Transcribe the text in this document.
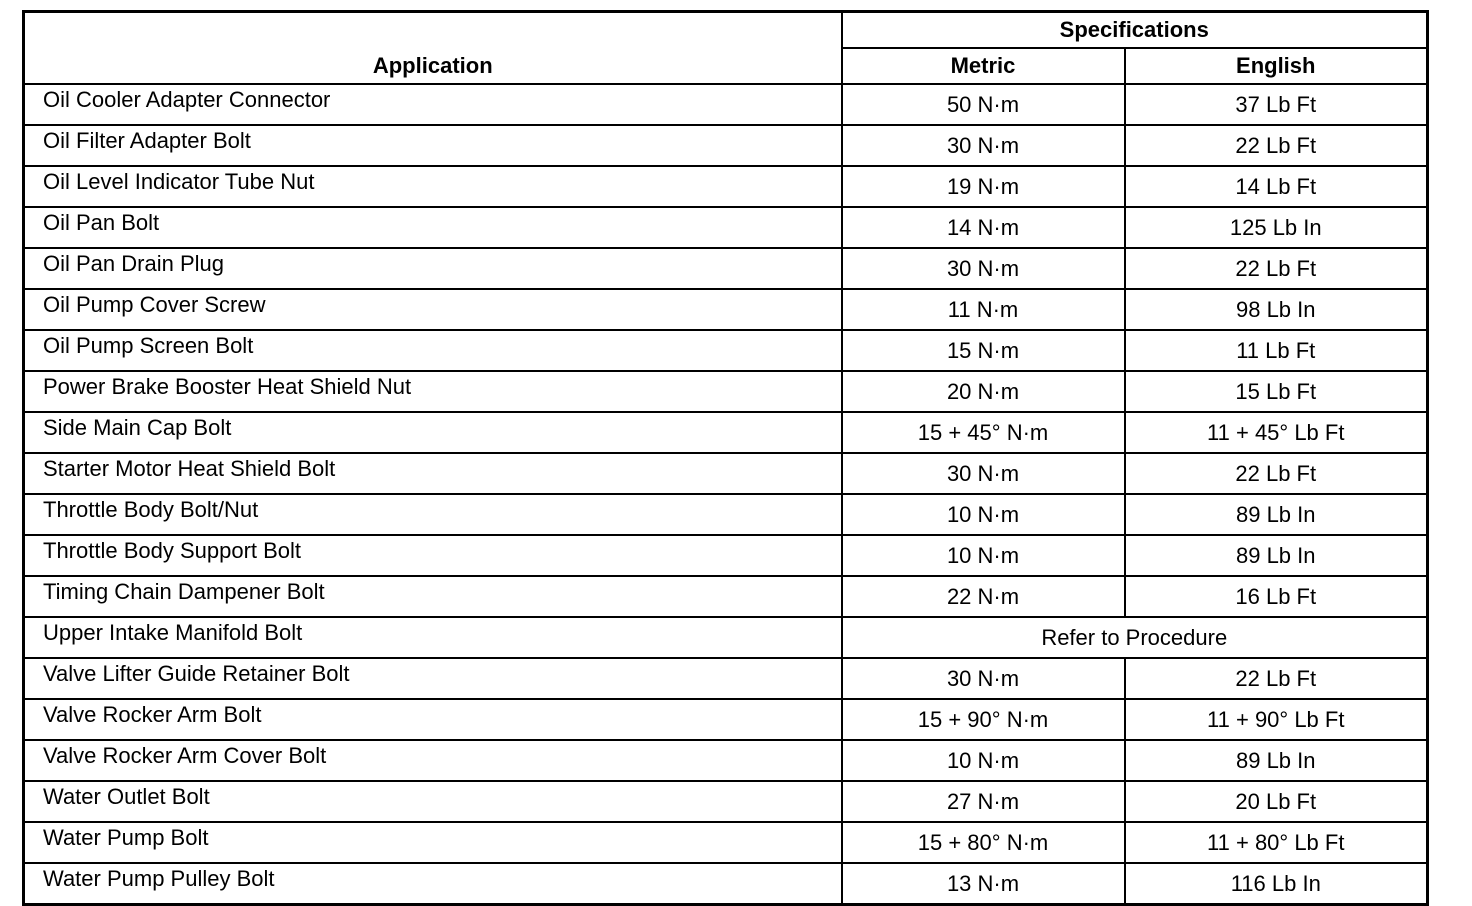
Application	Specifications	
	Metric	English
Oil Cooler Adapter Connector	50 N·m	37 Lb Ft
Oil Filter Adapter Bolt	30 N·m	22 Lb Ft
Oil Level Indicator Tube Nut	19 N·m	14 Lb Ft
Oil Pan Bolt	14 N·m	125 Lb In
Oil Pan Drain Plug	30 N·m	22 Lb Ft
Oil Pump Cover Screw	11 N·m	98 Lb In
Oil Pump Screen Bolt	15 N·m	11 Lb Ft
Power Brake Booster Heat Shield Nut	20 N·m	15 Lb Ft
Side Main Cap Bolt	15 + 45° N·m	11 + 45° Lb Ft
Starter Motor Heat Shield Bolt	30 N·m	22 Lb Ft
Throttle Body Bolt/Nut	10 N·m	89 Lb In
Throttle Body Support Bolt	10 N·m	89 Lb In
Timing Chain Dampener Bolt	22 N·m	16 Lb Ft
Upper Intake Manifold Bolt	Refer to Procedure	
Valve Lifter Guide Retainer Bolt	30 N·m	22 Lb Ft
Valve Rocker Arm Bolt	15 + 90° N·m	11 + 90° Lb Ft
Valve Rocker Arm Cover Bolt	10 N·m	89 Lb In
Water Outlet Bolt	27 N·m	20 Lb Ft
Water Pump Bolt	15 + 80° N·m	11 + 80° Lb Ft
Water Pump Pulley Bolt	13 N·m	116 Lb In
